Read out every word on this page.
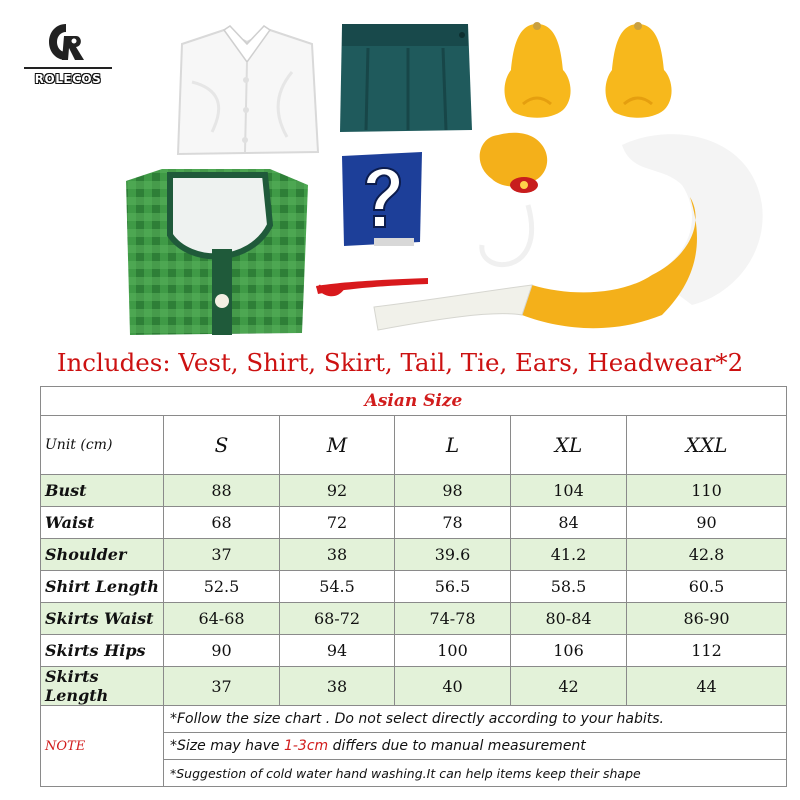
ROLECOS
Includes: Vest, Shirt, Skirt, Tail, Tie, Ears, Headwear*2
Asian Size					
Unit (cm)	S	M	L	XL	XXL
Bust	88	92	98	104	110
Waist	68	72	78	84	90
Shoulder	37	38	39.6	41.2	42.8
Shirt Length	52.5	54.5	56.5	58.5	60.5
Skirts Waist	64-68	68-72	74-78	80-84	86-90
Skirts Hips	90	94	100	106	112
Skirts Length	37	38	40	42	44
NOTE	*Follow the size chart . Do not select directly according to your habits.				
	*Size may have 1-3cm differs due to manual measurement				
	*Suggestion of cold water hand washing.It can help items keep their shape				
